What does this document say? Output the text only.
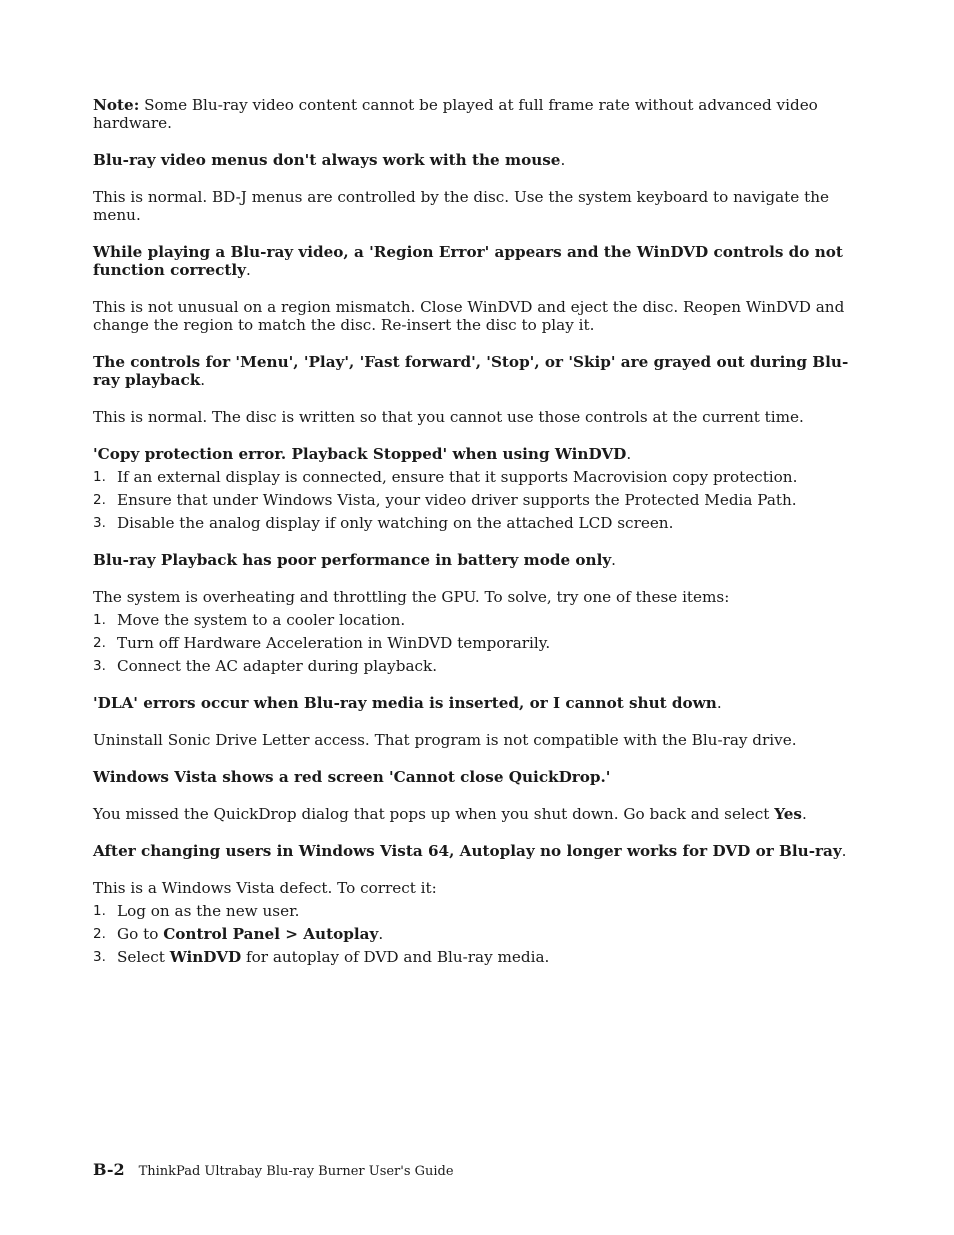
Note: Some Blu-ray video content cannot be played at full frame rate without advanced video hardware.

Blu-ray video menus don't always work with the mouse.

This is normal. BD-J menus are controlled by the disc. Use the system keyboard to navigate the menu.

While playing a Blu-ray video, a 'Region Error' appears and the WinDVD controls do not function correctly.

This is not unusual on a region mismatch. Close WinDVD and eject the disc. Reopen WinDVD and change the region to match the disc. Re-insert the disc to play it.

The controls for 'Menu', 'Play', 'Fast forward', 'Stop', or 'Skip' are grayed out during Blu-ray playback.

This is normal. The disc is written so that you cannot use those controls at the current time.

'Copy protection error. Playback Stopped' when using WinDVD.

1. If an external display is connected, ensure that it supports Macrovision copy protection.
2. Ensure that under Windows Vista, your video driver supports the Protected Media Path.
3. Disable the analog display if only watching on the attached LCD screen.

Blu-ray Playback has poor performance in battery mode only.

The system is overheating and throttling the GPU. To solve, try one of these items:

1. Move the system to a cooler location.
2. Turn off Hardware Acceleration in WinDVD temporarily.
3. Connect the AC adapter during playback.

'DLA' errors occur when Blu-ray media is inserted, or I cannot shut down.

Uninstall Sonic Drive Letter access. That program is not compatible with the Blu-ray drive.

Windows Vista shows a red screen 'Cannot close QuickDrop.'

You missed the QuickDrop dialog that pops up when you shut down. Go back and select Yes.

After changing users in Windows Vista 64, Autoplay no longer works for DVD or Blu-ray.

This is a Windows Vista defect. To correct it:

1. Log on as the new user.
2. Go to Control Panel > Autoplay.
3. Select WinDVD for autoplay of DVD and Blu-ray media.
B-2 ThinkPad Ultrabay Blu-ray Burner User's Guide
